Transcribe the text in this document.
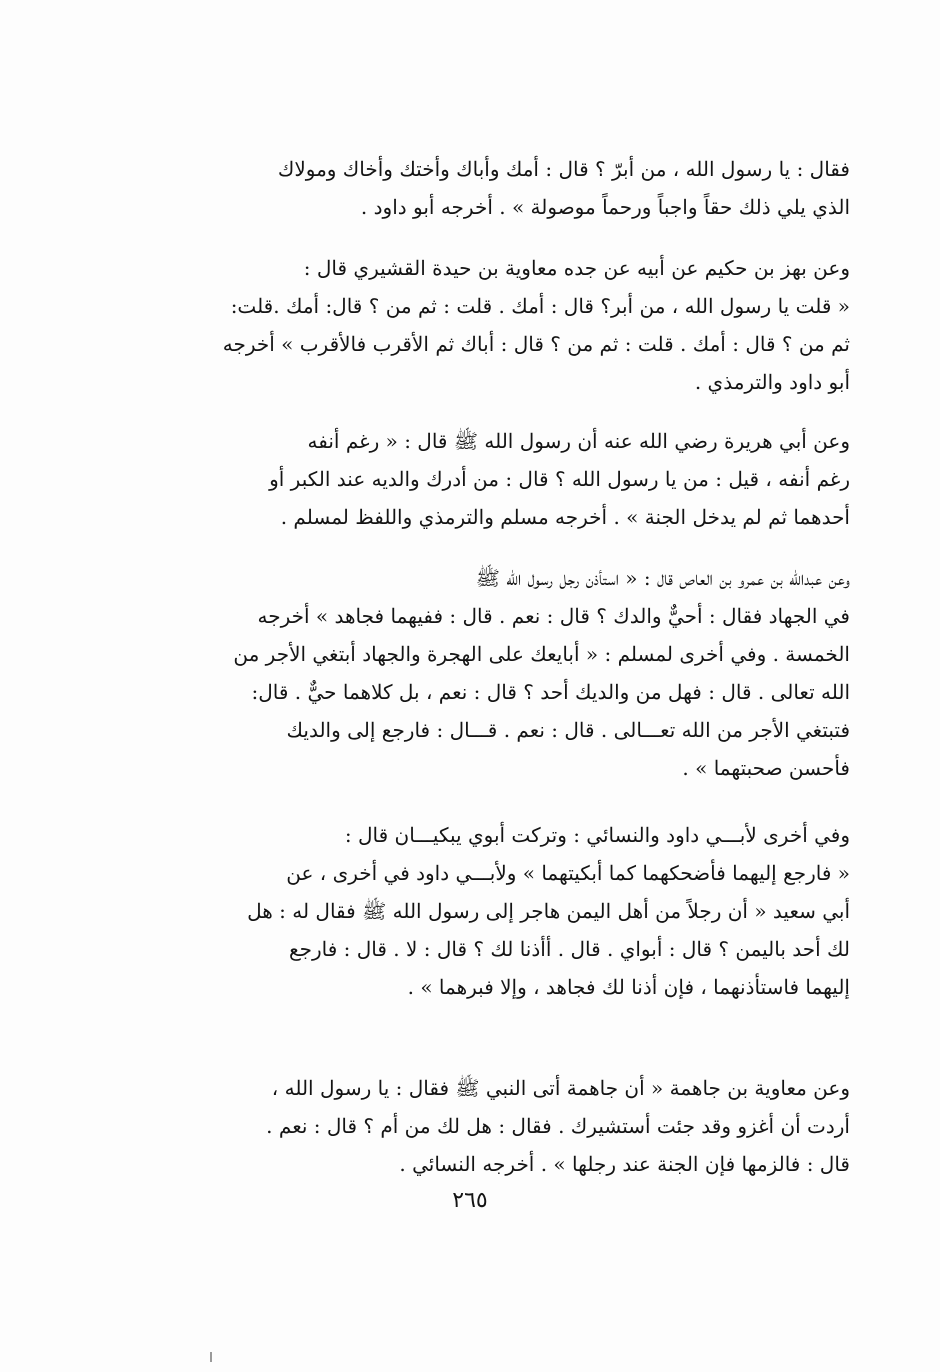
فقال : يا رسول الله ، من أبرّ ؟ قال : أمك وأباك وأختك وأخاك ومولاك
الذي يلي ذلك حقاً واجباً ورحماً موصولة » . أخرجه أبو داود .
وعن بهز بن حكيم عن أبيه عن جده معاوية بن حيدة القشيري قال :
« قلت يا رسول الله ، من أبر؟ قال : أمك . قلت : ثم من ؟ قال: أمك .قلت:
ثم من ؟ قال : أمك . قلت : ثم من ؟ قال : أباك ثم الأقرب فالأقرب » أخرجه
أبو داود والترمذي .
وعن أبي هريرة رضي الله عنه أن رسول الله ﷺ قال : « رغم أنفه
رغم أنفه ، قيل : من يا رسول الله ؟ قال : من أدرك والديه عند الكبر أو
أحدهما ثم لم يدخل الجنة » . أخرجه مسلم والترمذي واللفظ لمسلم .
وعن عبدالله بن عمرو بن العاص قال : « استأذن رجل رسول الله ﷺ
في الجهاد فقال : أحيٌّ والدك ؟ قال : نعم . قال : ففيهما فجاهد » أخرجه
الخمسة . وفي أخرى لمسلم : « أبايعك على الهجرة والجهاد أبتغي الأجر من
الله تعالى . قال : فهل من والديك أحد ؟ قال : نعم ، بل كلاهما حيٌّ . قال:
فتبتغي الأجر من الله تعـــالى . قال : نعم . قـــال : فارجع إلى والديك
فأحسن صحبتهما » .
وفي أخرى لأبـــي داود والنسائي : وتركت أبوي يبكيـــان قال :
« فارجع إليهما فأضحكهما كما أبكيتهما » ولأبـــي داود في أخرى ، عن
أبي سعيد « أن رجلاً من أهل اليمن هاجر إلى رسول الله ﷺ فقال له : هل
لك أحد باليمن ؟ قال : أبواي . قال . أأذنا لك ؟ قال : لا . قال : فارجع
إليهما فاستأذنهما ، فإن أذنا لك فجاهد ، وإلا فبرهما » .
وعن معاوية بن جاهمة « أن جاهمة أتى النبي ﷺ فقال : يا رسول الله ،
أردت أن أغزو وقد جئت أستشيرك . فقال : هل لك من أم ؟ قال : نعم .
قال : فالزمها فإن الجنة عند رجلها » . أخرجه النسائي .
٢٦٥
